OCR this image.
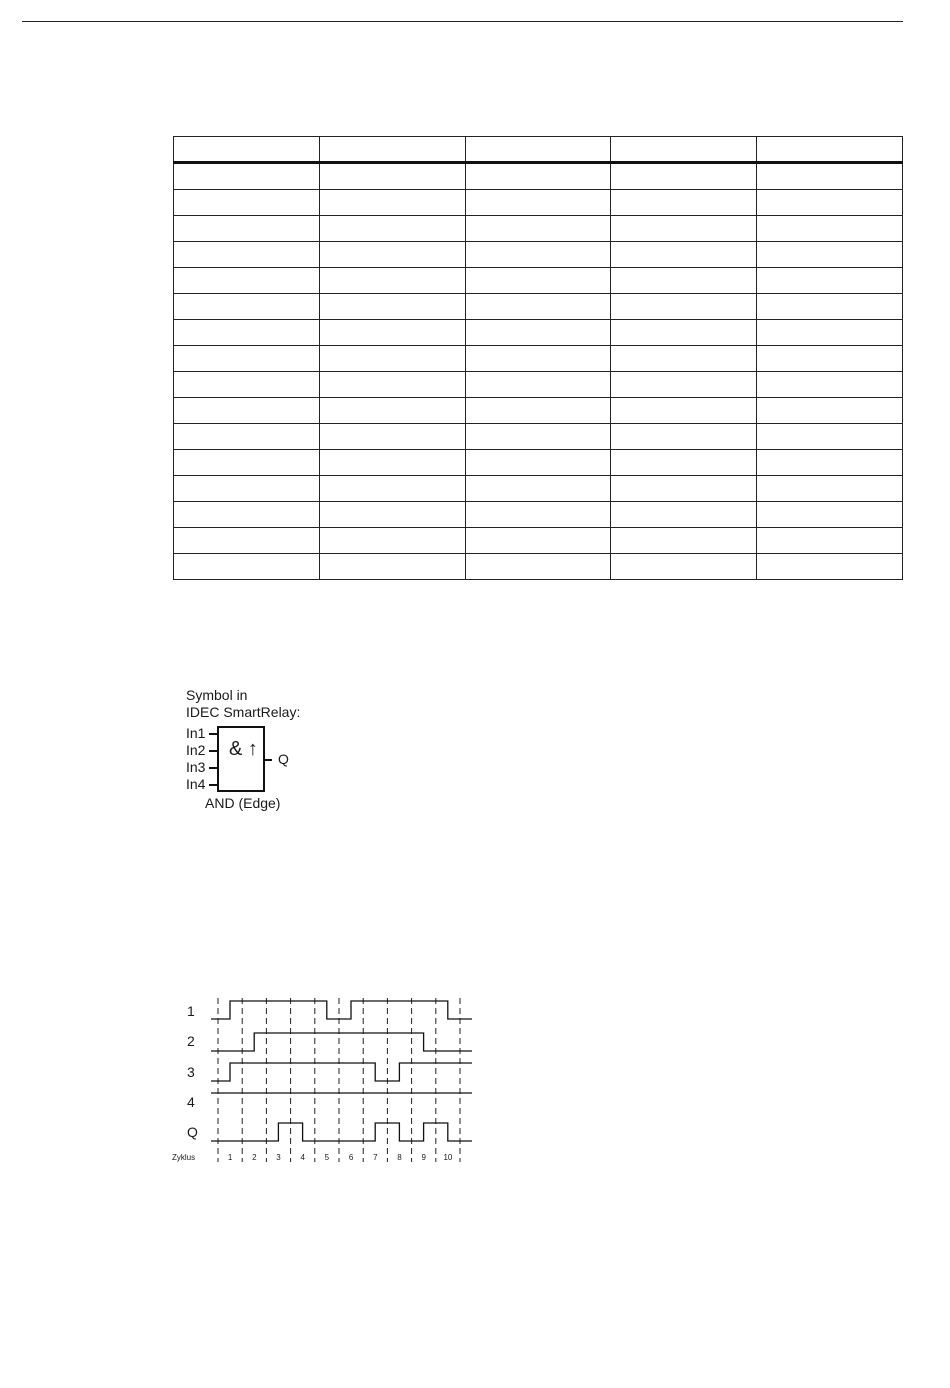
Symbol in
IDEC SmartRelay:
In1
In2
In3
In4
& ↑ Q
AND (Edge)
1
2
3
4
Q
Zyklus	1 2 3 4 5 6 7 8 9 10
